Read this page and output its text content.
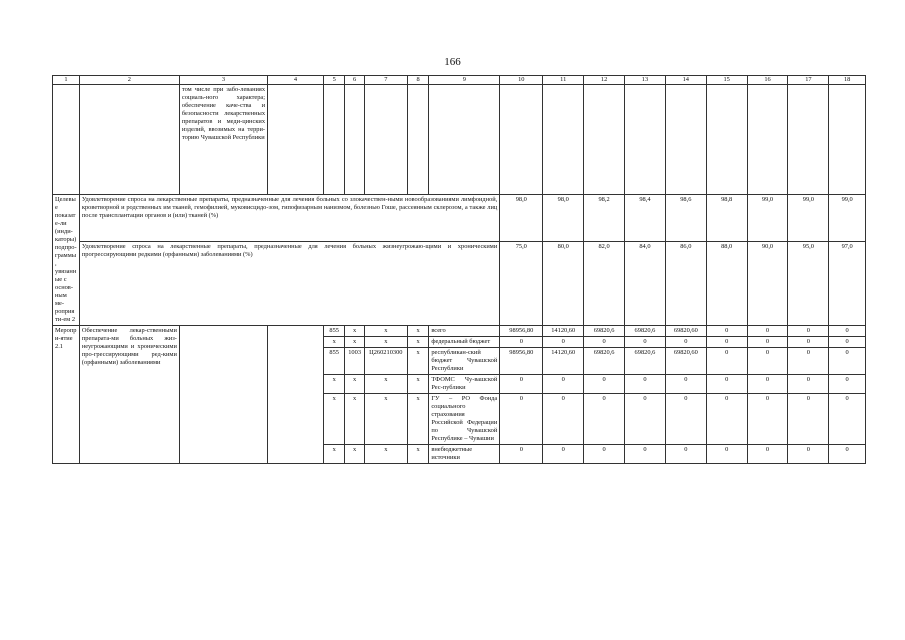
166
1	2	3	4	5	6	7	8	9	10	11	12	13	14	15	16	17	18
		том числе при забо-леваниях социаль-ного характера; обеспечение каче-ства и безопасности лекарственных препаратов и меди-цинских изделий, ввозимых на терри-торию Чувашской Республики															
Целевые показате-ли (инди-каторы) подпро-граммы, увязанные с основ-ным ме-роприяти-ем 2	Удовлетворение спроса на лекарственные препараты, предназначенные для лечения больных со злокачествен-ными новообразованиями лимфоидной, кроветворной и родственных им тканей, гемофилией, муковисцидо-зом, гипофизарным нанизмом, болезнью Гоше, рассеянным склерозом, а также лиц после трансплантации органов и (или) тканей (%)								98,0	98,0	98,2	98,4	98,6	98,8	99,0	99,0	99,0
	Удовлетворение спроса на лекарственные препараты, предназначенные для лечения больных жизнеугрожаю-щими и хроническими прогрессирующими редкими (орфанными) заболеваниями (%)								75,0	80,0	82,0	84,0	86,0	88,0	90,0	95,0	97,0
Меропри-ятие 2.1	Обеспечение лекар-ственными препарата-ми больных жиз-неугрожающими и хроническими про-грессирующими ред-кими (орфанными) заболеваниями			855	х	х	х	всего	98956,80	14120,60	69820,6	69820,6	69820,60	0	0	0	0
				х	х	х	х	федеральный бюджет	0	0	0	0	0	0	0	0	0
				855	1003	Ц260210300	х	республикан-ский бюджет Чувашской Республики	98956,80	14120,60	69820,6	69820,6	69820,60	0	0	0	0
				х	х	х	х	ТФОМС Чу-вашской Рес-публики	0	0	0	0	0	0	0	0	0
				х	х	х	х	ГУ – РО Фонда социального страхования Российской Федерации по Чувашской Республике – Чувашии	0	0	0	0	0	0	0	0	0
				х	х	х	х	внебюджетные источники	0	0	0	0	0	0	0	0	0
